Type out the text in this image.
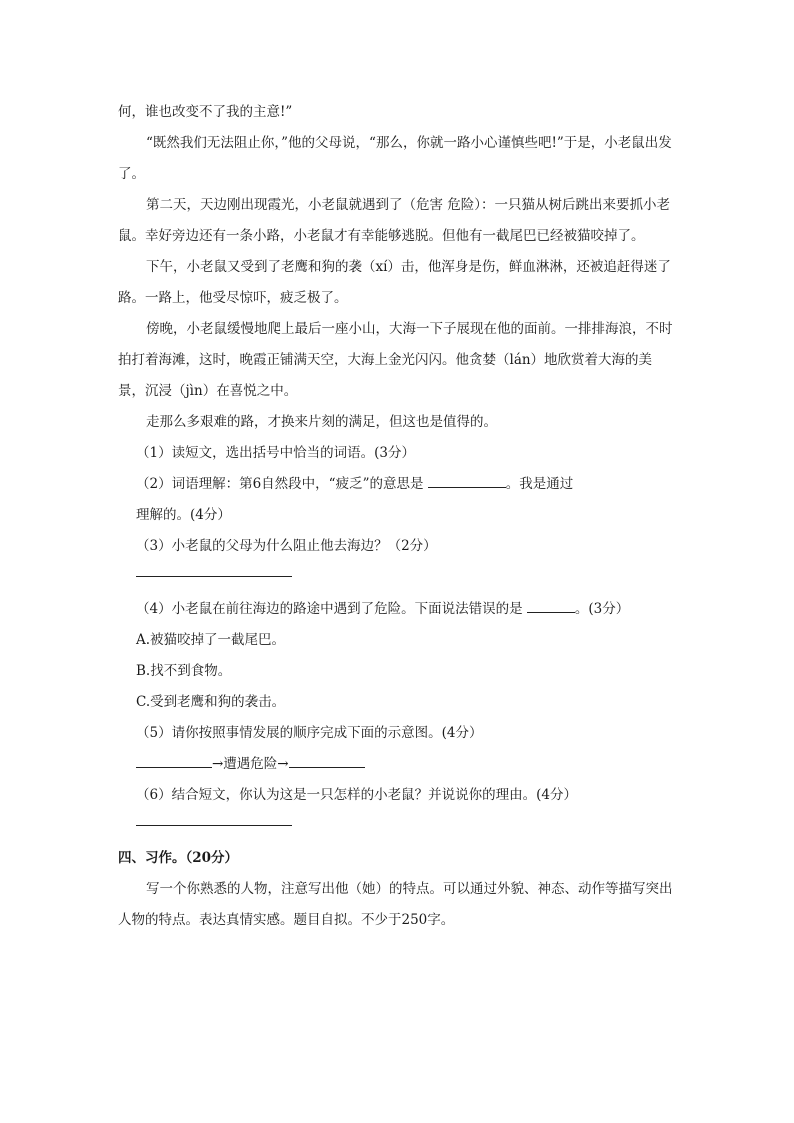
何，谁也改变不了我的主意!”

“既然我们无法阻止你，”他的父母说，“那么，你就一路小心谨慎些吧!”于是，小老鼠出发了。

第二天，天边刚出现霞光，小老鼠就遇到了（危害 危险）：一只猫从树后跳出来要抓小老鼠。幸好旁边还有一条小路，小老鼠才有幸能够逃脱。但他有一截尾巴已经被猫咬掉了。

下午，小老鼠又受到了老鹰和狗的袭（xí）击，他浑身是伤，鲜血淋淋，还被追赶得迷了路。一路上，他受尽惊吓，疲乏极了。

傍晚，小老鼠缓慢地爬上最后一座小山，大海一下子展现在他的面前。一排排海浪，不时拍打着海滩，这时，晚霞正铺满天空，大海上金光闪闪。他贪婪（lán）地欣赏着大海的美景，沉浸（jìn）在喜悦之中。

走那么多艰难的路，才换来片刻的满足，但这也是值得的。

（1）读短文，选出括号中恰当的词语。(3分）

（2）词语理解：第6自然段中，“疲乏”的意思是	。我是通过

理解的。(4分）

（3）小老鼠的父母为什么阻止他去海边？（2分）

（4）小老鼠在前往海边的路途中遇到了危险。下面说法错误的是	。(3分）

A.被猫咬掉了一截尾巴。

B.找不到食物。

C.受到老鹰和狗的袭击。

（5）请你按照事情发展的顺序完成下面的示意图。(4分）

→遭遇危险→

（6）结合短文，你认为这是一只怎样的小老鼠？并说说你的理由。(4分）

四、习作。（20分）

写一个你熟悉的人物，注意写出他（她）的特点。可以通过外貌、神态、动作等描写突出人物的特点。表达真情实感。题目自拟。不少于250字。
